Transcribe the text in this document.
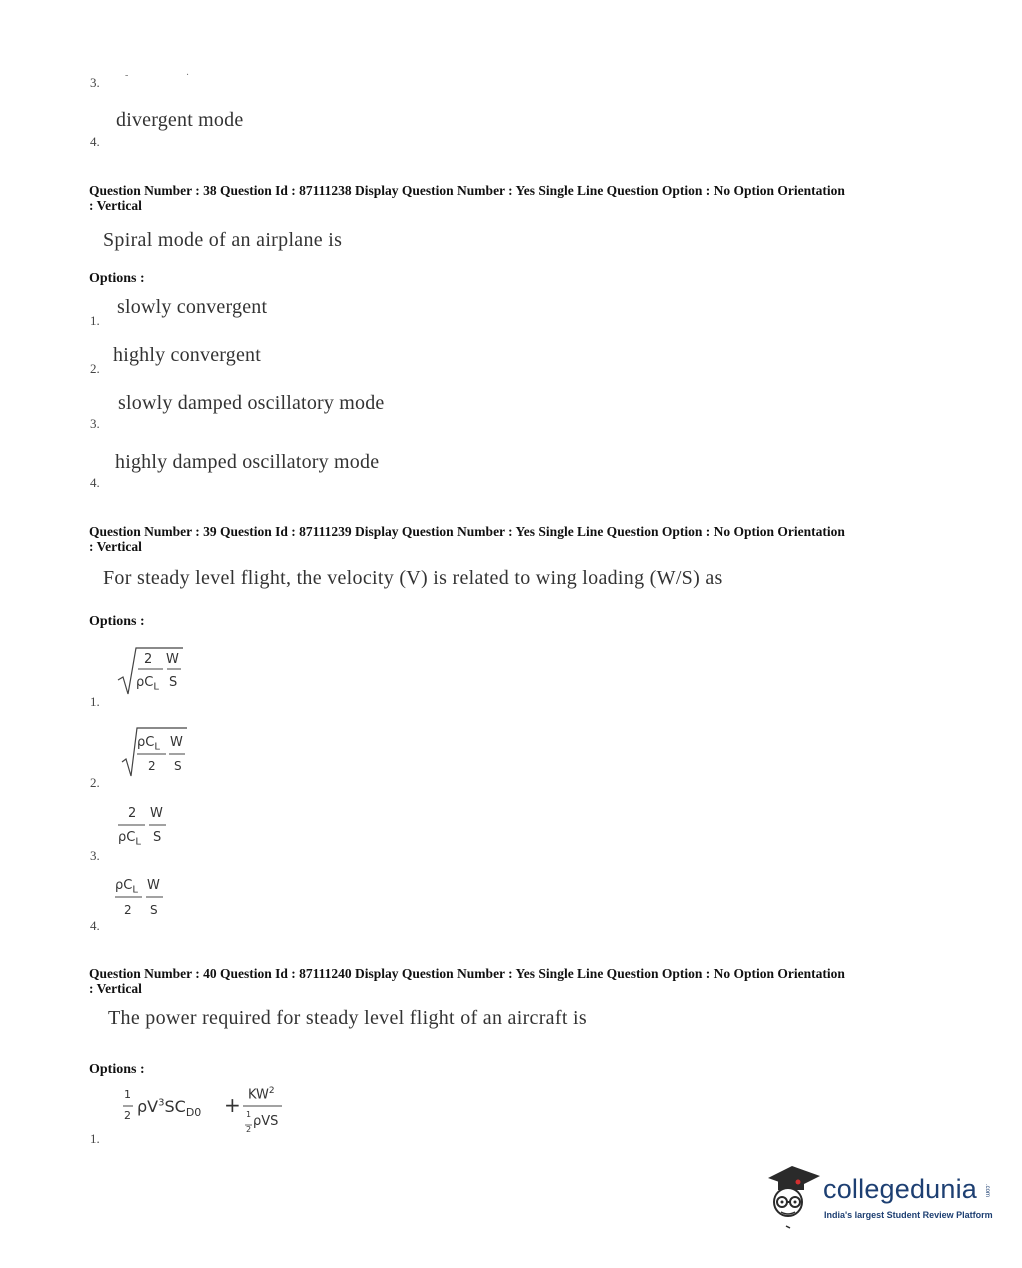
3.	-                       ·
divergent mode
4.
Question Number : 38 Question Id : 87111238 Display Question Number : Yes Single Line Question Option : No Option Orientation : Vertical
Spiral mode of an airplane is
Options :
slowly convergent
1.
highly convergent
2.
slowly damped oscillatory mode
3.
highly damped oscillatory mode
4.
Question Number : 39 Question Id : 87111239 Display Question Number : Yes Single Line Question Option : No Option Orientation : Vertical
For steady level flight, the velocity (V) is related to wing loading (W/S) as
Options :
2 W
$\rho C_L$ S
1.
$\rho C_L$ W
2 S
2.
2 W
$\rho C_L$ S
3.
$\rho C_L$ W
2 S
4.
Question Number : 40 Question Id : 87111240 Display Question Number : Yes Single Line Question Option : No Option Orientation : Vertical
The power required for steady level flight of an aircraft is
Options :
1
2 $\rho V^3SC_{D0} + KW^2$
1
2
ρVS
1.
collegedunia .com
India's largest Student Review Platform
